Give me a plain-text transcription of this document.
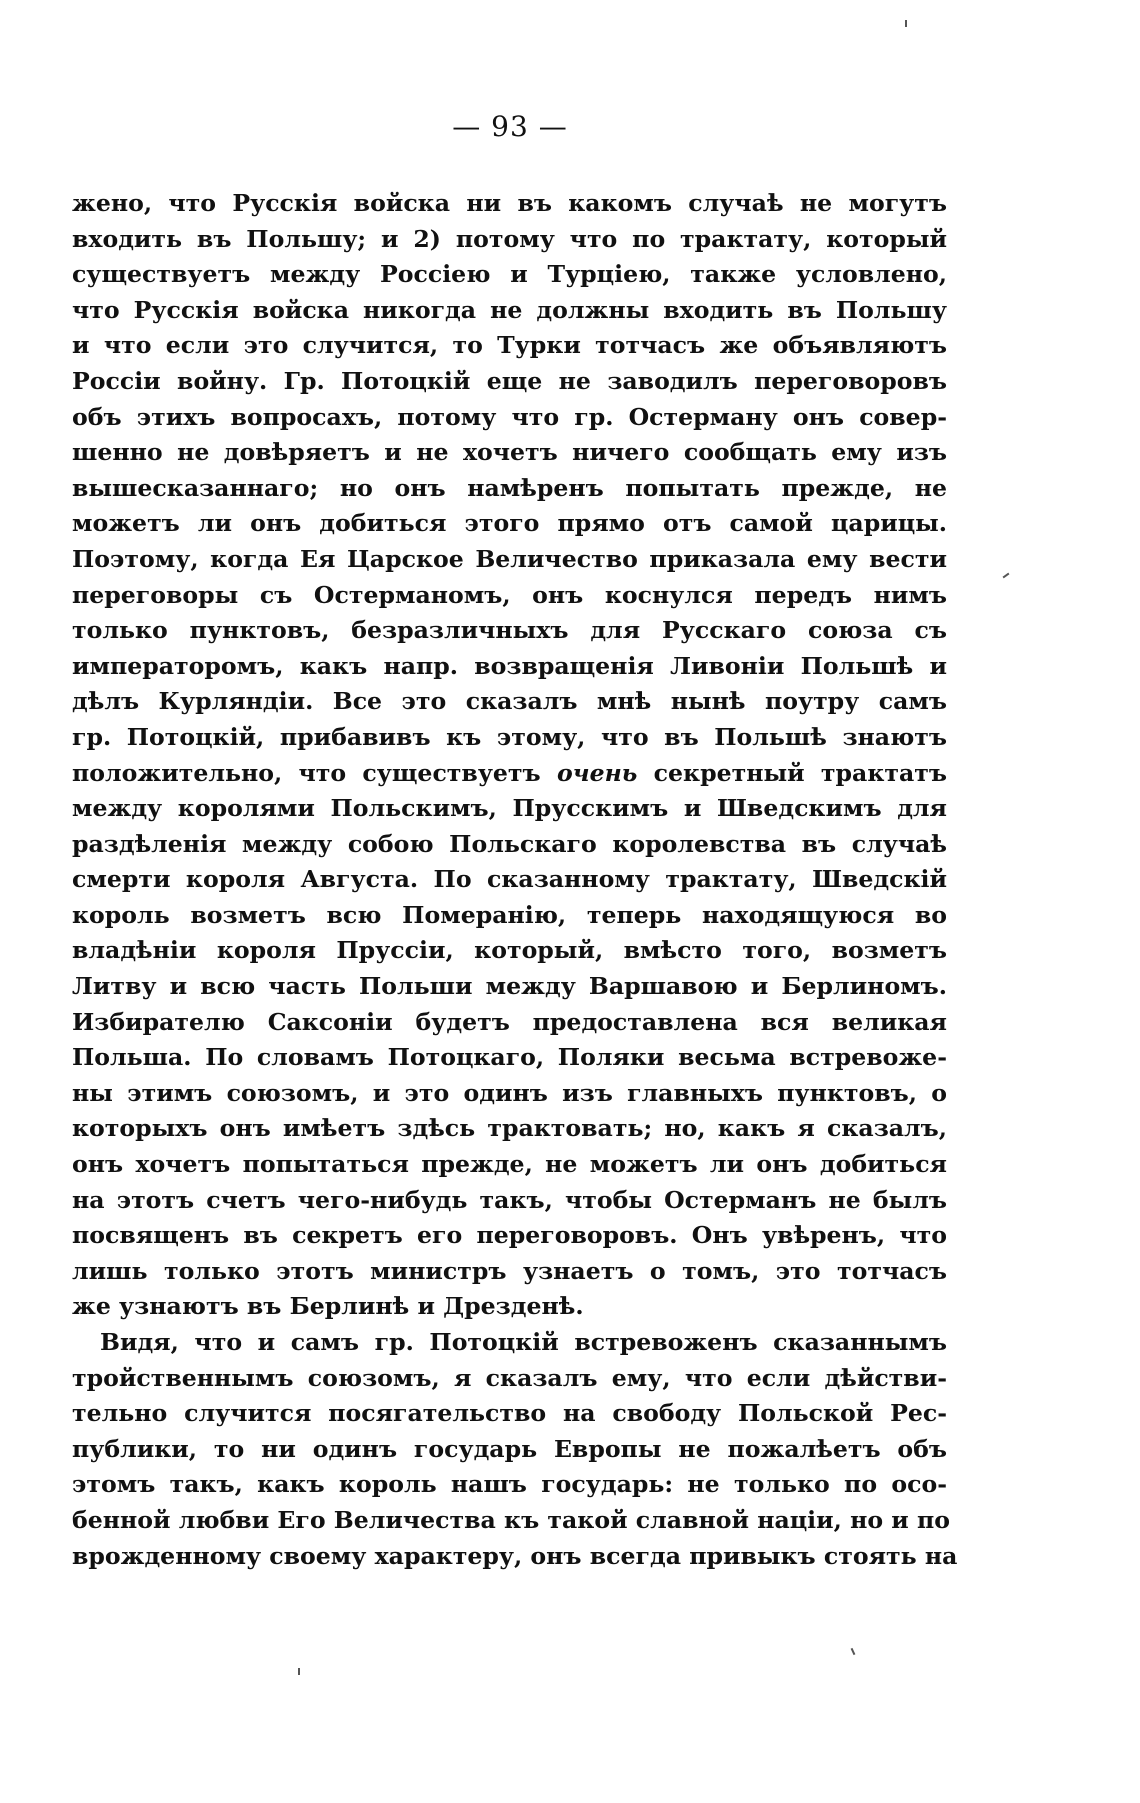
— 93 —
жено, что Русскія войска ни въ какомъ случаѣ не могутъ
входить въ Польшу; и 2) потому что по трактату, который
существуетъ между Россіею и Турціею, также условлено,
что Русскія войска никогда не должны входить въ Польшу
и что если это случится, то Турки тотчасъ же объявляютъ
Россіи войну. Гр. Потоцкій еще не заводилъ переговоровъ
объ этихъ вопросахъ, потому что гр. Остерману онъ совер-
шенно не довѣряетъ и не хочетъ ничего сообщать ему изъ
вышесказаннаго; но онъ намѣренъ попытать прежде, не
можетъ ли онъ добиться этого прямо отъ самой царицы.
Поэтому, когда Ея Царское Величество приказала ему вести
переговоры съ Остерманомъ, онъ коснулся передъ нимъ
только пунктовъ, безразличныхъ для Русскаго союза съ
императоромъ, какъ напр. возвращенія Ливоніи Польшѣ и
дѣлъ Курляндіи. Все это сказалъ мнѣ нынѣ поутру самъ
гр. Потоцкій, прибавивъ къ этому, что въ Польшѣ знаютъ
положительно, что существуетъ очень секретный трактатъ
между королями Польскимъ, Прусскимъ и Шведскимъ для
раздѣленія между собою Польскаго королевства въ случаѣ
смерти короля Августа. По сказанному трактату, Шведскій
король возметъ всю Померанію, теперь находящуюся во
владѣніи короля Пруссіи, который, вмѣсто того, возметъ
Литву и всю часть Польши между Варшавою и Берлиномъ.
Избирателю Саксоніи будетъ предоставлена вся великая
Польша. По словамъ Потоцкаго, Поляки весьма встревоже-
ны этимъ союзомъ, и это одинъ изъ главныхъ пунктовъ, о
которыхъ онъ имѣетъ здѣсь трактовать; но, какъ я сказалъ,
онъ хочетъ попытаться прежде, не можетъ ли онъ добиться
на этотъ счетъ чего-нибудь такъ, чтобы Остерманъ не былъ
посвященъ въ секретъ его переговоровъ. Онъ увѣренъ, что
лишь только этотъ министръ узнаетъ о томъ, это тотчасъ
же узнаютъ въ Берлинѣ и Дрезденѣ.
Видя, что и самъ гр. Потоцкій встревоженъ сказаннымъ
тройственнымъ союзомъ, я сказалъ ему, что если дѣйстви-
тельно случится посягательство на свободу Польской Рес-
публики, то ни одинъ государь Европы не пожалѣетъ объ
этомъ такъ, какъ король нашъ государь: не только по осо-
бенной любви Его Величества къ такой славной націи, но и по
врожденному своему характеру, онъ всегда привыкъ стоять на
